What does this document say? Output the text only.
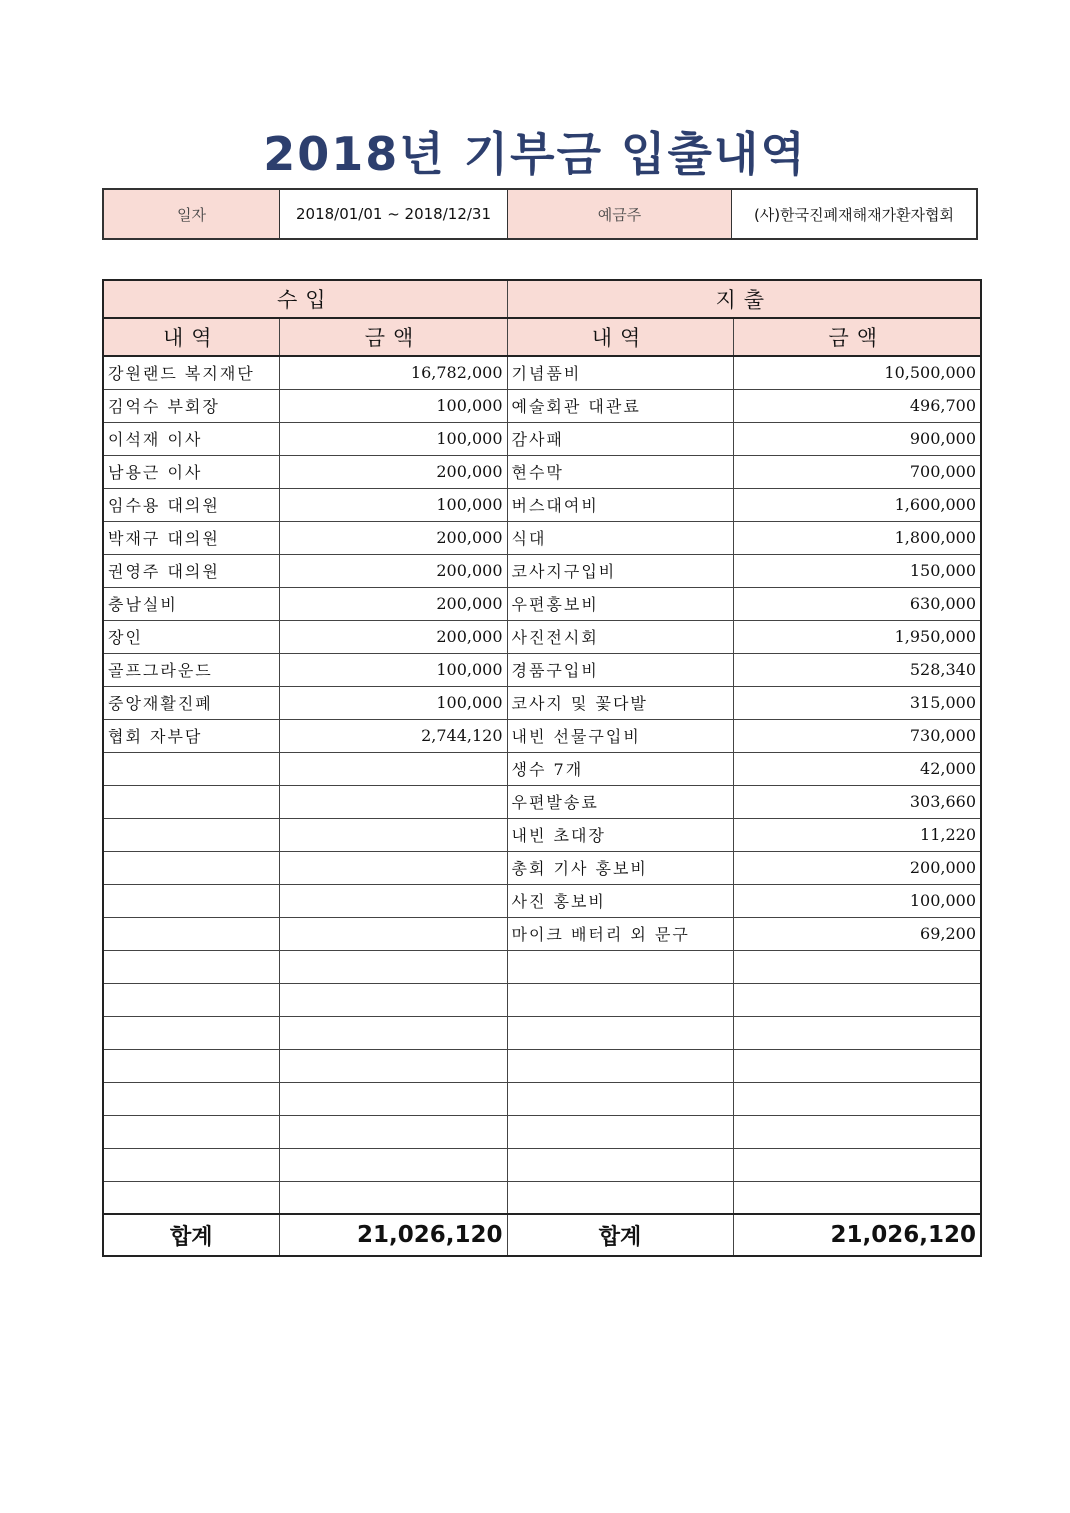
2018년 기부금 입출내역
일자	2018/01/01 ~ 2018/12/31	예금주	(사)한국진폐재해재가환자협회
수입		지출	
내역	금액	내역	금액
강원랜드 복지재단	16,782,000	기념품비	10,500,000
김억수 부회장	100,000	예술회관 대관료	496,700
이석재 이사	100,000	감사패	900,000
남용근 이사	200,000	현수막	700,000
임수용 대의원	100,000	버스대여비	1,600,000
박재구 대의원	200,000	식대	1,800,000
권영주 대의원	200,000	코사지구입비	150,000
충남실비	200,000	우편홍보비	630,000
장인	200,000	사진전시회	1,950,000
골프그라운드	100,000	경품구입비	528,340
중앙재활진폐	100,000	코사지 및 꽃다발	315,000
협회 자부담	2,744,120	내빈 선물구입비	730,000
		생수 7개	42,000
		우편발송료	303,660
		내빈 초대장	11,220
		총회 기사 홍보비	200,000
		사진 홍보비	100,000
		마이크 배터리 외 문구	69,200

합계	21,026,120	합계	21,026,120
